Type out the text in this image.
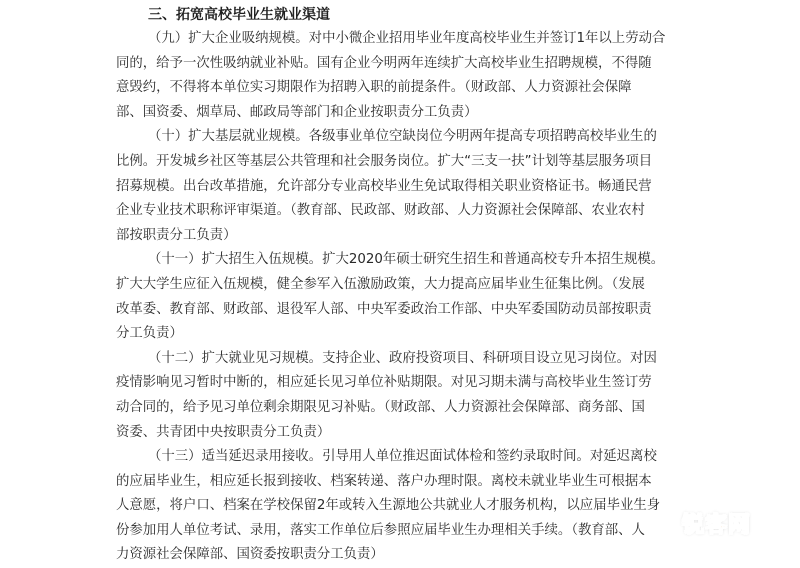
三、拓宽高校毕业生就业渠道
（九）扩大企业吸纳规模。对中小微企业招用毕业年度高校毕业生并签订1年以上劳动合
同的，给予一次性吸纳就业补贴。国有企业今明两年连续扩大高校毕业生招聘规模，不得随
意毁约，不得将本单位实习期限作为招聘入职的前提条件。（财政部、人力资源社会保障
部、国资委、烟草局、邮政局等部门和企业按职责分工负责）
（十）扩大基层就业规模。各级事业单位空缺岗位今明两年提高专项招聘高校毕业生的
比例。开发城乡社区等基层公共管理和社会服务岗位。扩大“三支一扶”计划等基层服务项目
招募规模。出台改革措施，允许部分专业高校毕业生免试取得相关职业资格证书。畅通民营
企业专业技术职称评审渠道。（教育部、民政部、财政部、人力资源社会保障部、农业农村
部按职责分工负责）
（十一）扩大招生入伍规模。扩大2020年硕士研究生招生和普通高校专升本招生规模。
扩大大学生应征入伍规模，健全参军入伍激励政策，大力提高应届毕业生征集比例。（发展
改革委、教育部、财政部、退役军人部、中央军委政治工作部、中央军委国防动员部按职责
分工负责）
（十二）扩大就业见习规模。支持企业、政府投资项目、科研项目设立见习岗位。对因
疫情影响见习暂时中断的，相应延长见习单位补贴期限。对见习期未满与高校毕业生签订劳
动合同的，给予见习单位剩余期限见习补贴。（财政部、人力资源社会保障部、商务部、国
资委、共青团中央按职责分工负责）
（十三）适当延迟录用接收。引导用人单位推迟面试体检和签约录取时间。对延迟离校
的应届毕业生，相应延长报到接收、档案转递、落户办理时限。离校未就业毕业生可根据本
人意愿，将户口、档案在学校保留2年或转入生源地公共就业人才服务机构，以应届毕业生身
份参加用人单位考试、录用，落实工作单位后参照应届毕业生办理相关手续。（教育部、人
力资源社会保障部、国资委按职责分工负责）
锐客网
